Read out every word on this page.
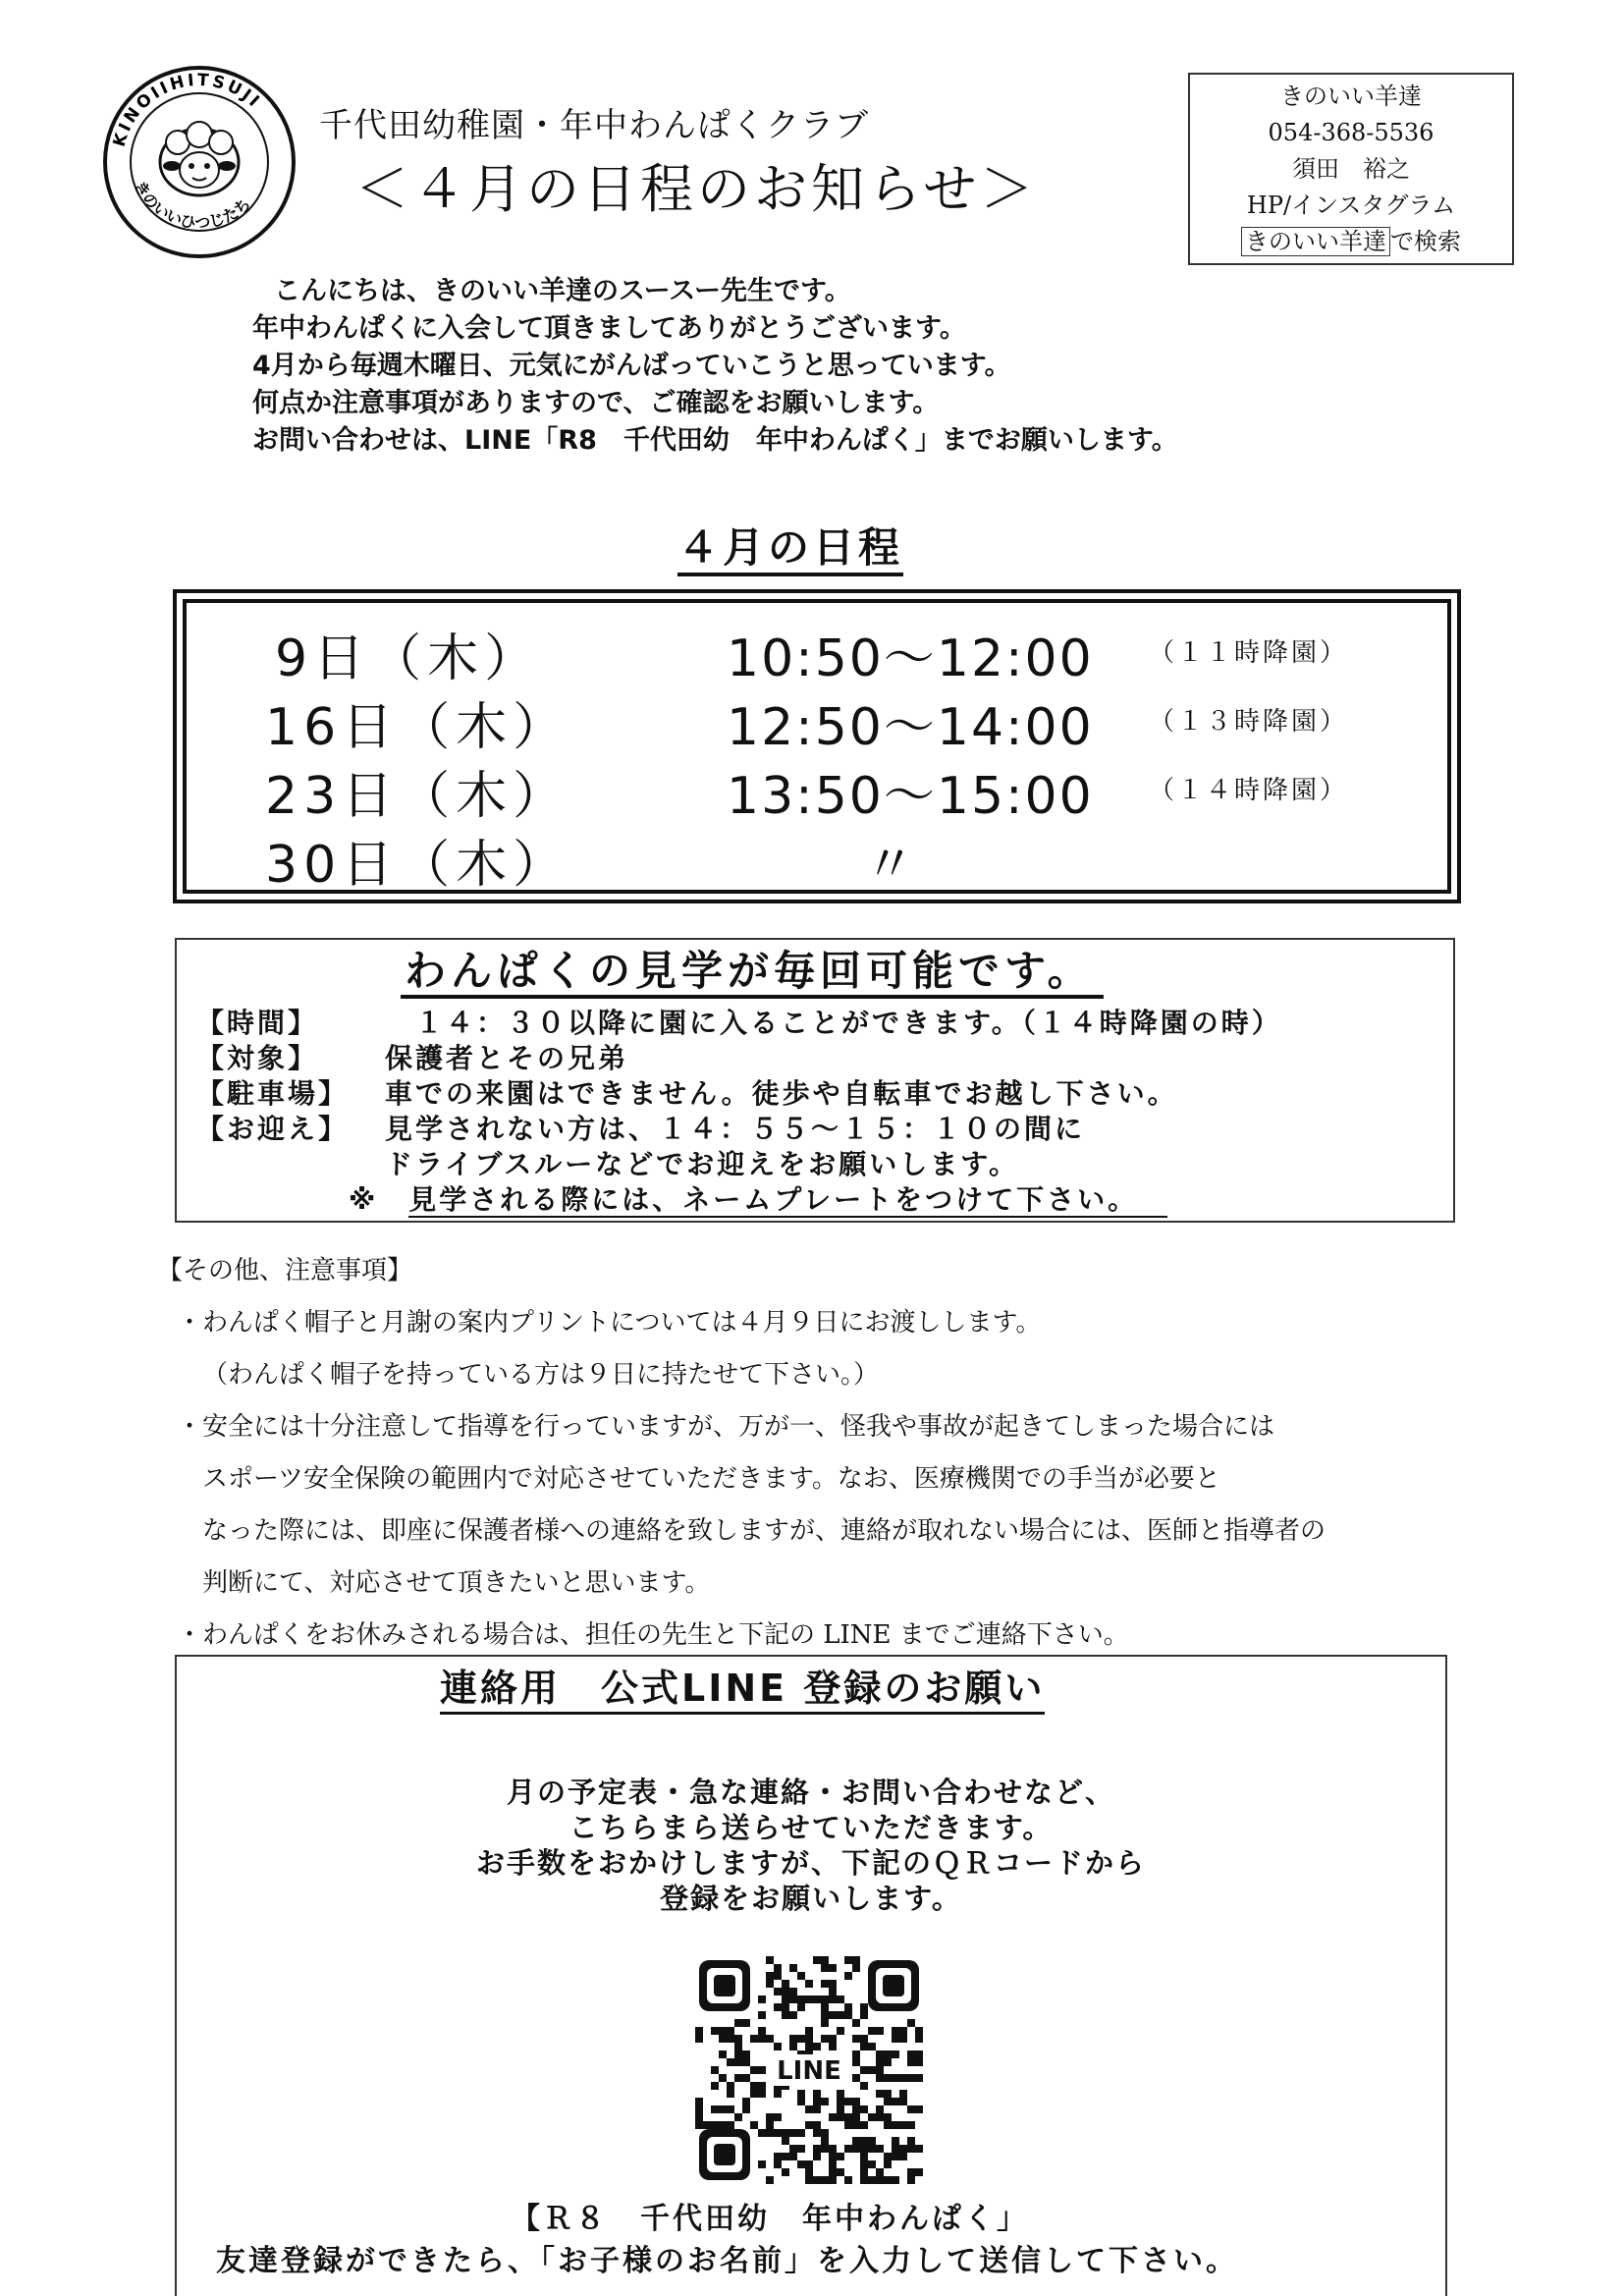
KINOIIHITSUJI
きのいいひつじたち
千代田幼稚園・年中わんぱくクラブ
＜４月の日程のお知らせ＞
きのいい羊達
054-368-5536
須田　裕之
HP/インスタグラム
きのいい羊達 で検索
こんにちは、きのいい羊達のスースー先生です。
年中わんぱくに入会して頂きましてありがとうございます。
4月から毎週木曜日、元気にがんばっていこうと思っています。
何点か注意事項がありますので、ご確認をお願いします。
お問い合わせは、LINE「R8　千代田幼　年中わんぱく」までお願いします。
４月の日程
9日（木）	10:50〜12:00 （１１時降園）
16日（木）	12:50〜14:00 （１３時降園）
23日（木）	13:50〜15:00 （１４時降園）
30日（木）	〃
わんぱくの見学が毎回可能です。
【時間】　１４：３０以降に園に入ることができます。（１４時降園の時）
【対象】 保護者とその兄弟
【駐車場】 車での来園はできません。徒歩や自転車でお越し下さい。
【お迎え】 見学されない方は、１４：５５〜１５：１０の間に
ドライブスルーなどでお迎えをお願いします。
※　 見学される際には、ネームプレートをつけて下さい。
【その他、注意事項】
・わんぱく帽子と月謝の案内プリントについては４月９日にお渡しします。
（わんぱく帽子を持っている方は９日に持たせて下さい。）
・安全には十分注意して指導を行っていますが、万が一、怪我や事故が起きてしまった場合には
スポーツ安全保険の範囲内で対応させていただきます。なお、医療機関での手当が必要と
なった際には、即座に保護者様への連絡を致しますが、連絡が取れない場合には、医師と指導者の
判断にて、対応させて頂きたいと思います。
・わんぱくをお休みされる場合は、担任の先生と下記の LINE までご連絡下さい。
連絡用　公式LINE 登録のお願い
月の予定表・急な連絡・お問い合わせなど、
こちらまら送らせていただきます。
お手数をおかけしますが、下記のＱＲコードから
登録をお願いします。
LINE
【Ｒ８　千代田幼　年中わんぱく」
友達登録ができたら、「お子様のお名前」を入力して送信して下さい。
